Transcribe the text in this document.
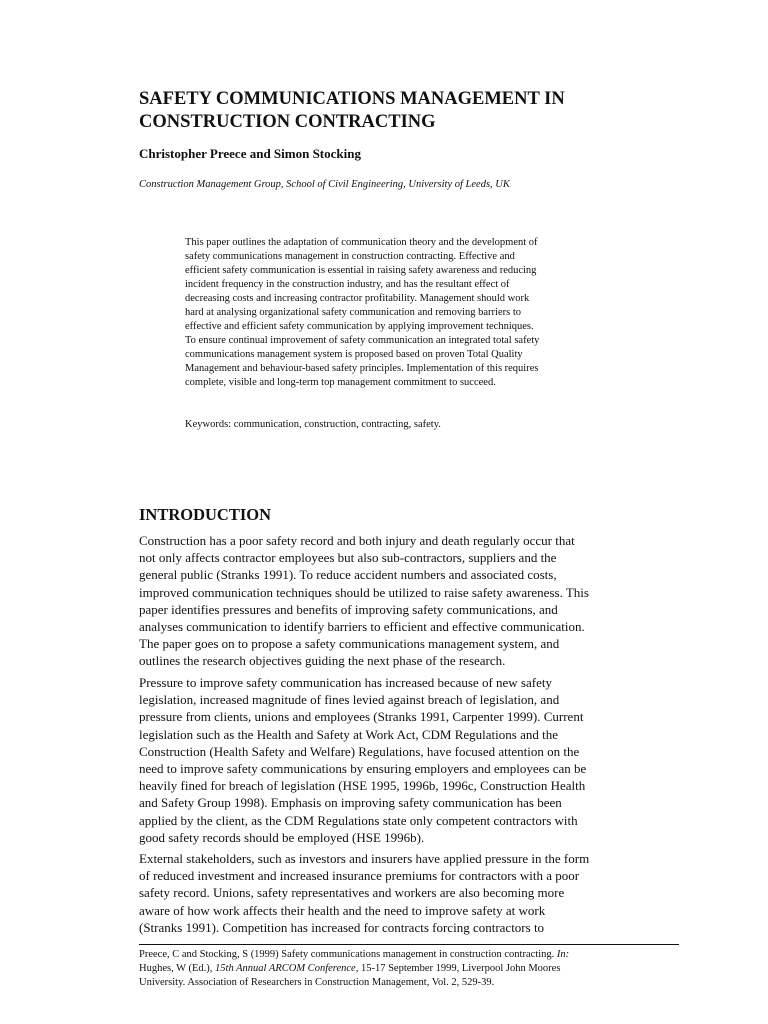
SAFETY COMMUNICATIONS MANAGEMENT IN
CONSTRUCTION CONTRACTING

Christopher Preece and Simon Stocking

Construction Management Group, School of Civil Engineering, University of Leeds, UK

This paper outlines the adaptation of communication theory and the development of
safety communications management in construction contracting. Effective and
efficient safety communication is essential in raising safety awareness and reducing
incident frequency in the construction industry, and has the resultant effect of
decreasing costs and increasing contractor profitability. Management should work
hard at analysing organizational safety communication and removing barriers to
effective and efficient safety communication by applying improvement techniques.
To ensure continual improvement of safety communication an integrated total safety
communications management system is proposed based on proven Total Quality
Management and behaviour-based safety principles. Implementation of this requires
complete, visible and long-term top management commitment to succeed.

Keywords: communication, construction, contracting, safety.

INTRODUCTION

Construction has a poor safety record and both injury and death regularly occur that
not only affects contractor employees but also sub-contractors, suppliers and the
general public (Stranks 1991). To reduce accident numbers and associated costs,
improved communication techniques should be utilized to raise safety awareness. This
paper identifies pressures and benefits of improving safety communications, and
analyses communication to identify barriers to efficient and effective communication.
The paper goes on to propose a safety communications management system, and
outlines the research objectives guiding the next phase of the research.

Pressure to improve safety communication has increased because of new safety
legislation, increased magnitude of fines levied against breach of legislation, and
pressure from clients, unions and employees (Stranks 1991, Carpenter 1999). Current
legislation such as the Health and Safety at Work Act, CDM Regulations and the
Construction (Health Safety and Welfare) Regulations, have focused attention on the
need to improve safety communications by ensuring employers and employees can be
heavily fined for breach of legislation (HSE 1995, 1996b, 1996c, Construction Health
and Safety Group 1998). Emphasis on improving safety communication has been
applied by the client, as the CDM Regulations state only competent contractors with
good safety records should be employed (HSE 1996b).

External stakeholders, such as investors and insurers have applied pressure in the form
of reduced investment and increased insurance premiums for contractors with a poor
safety record. Unions, safety representatives and workers are also becoming more
aware of how work affects their health and the need to improve safety at work
(Stranks 1991). Competition has increased for contracts forcing contractors to

Preece, C and Stocking, S (1999) Safety communications management in construction contracting. In:
Hughes, W (Ed.), 15th Annual ARCOM Conference, 15-17 September 1999, Liverpool John Moores
University. Association of Researchers in Construction Management, Vol. 2, 529-39.
